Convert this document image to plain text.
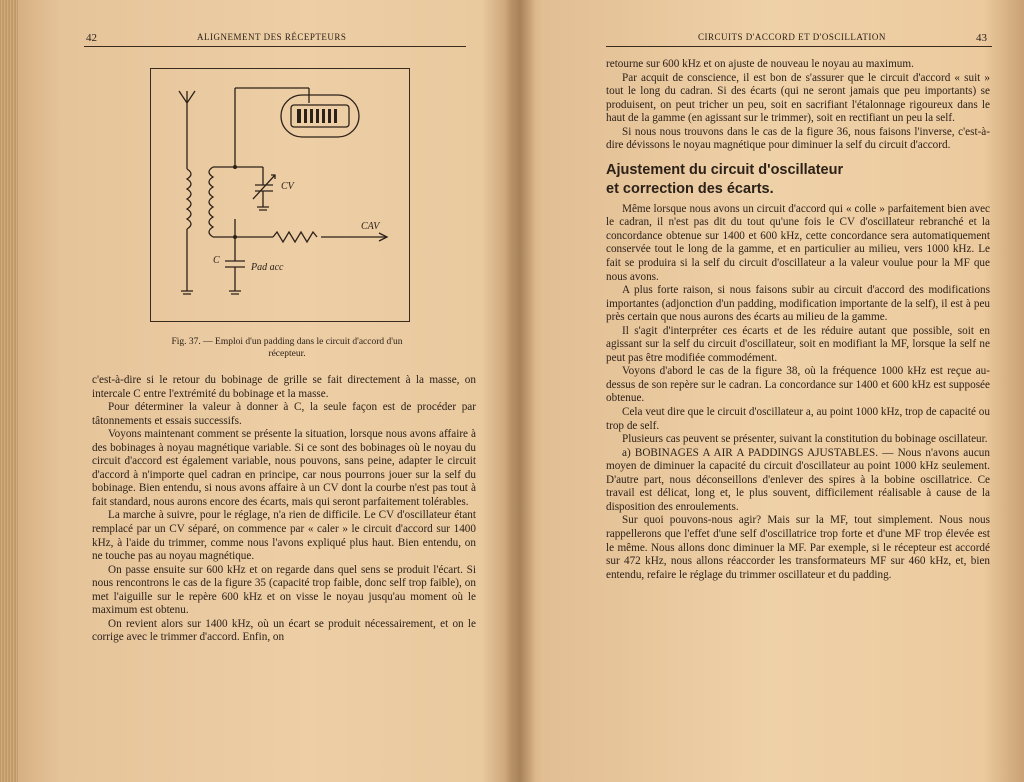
42	ALIGNEMENT DES RÉCEPTEURS
CV
CAV
C
Pad acc
Fig. 37. — Emploi d'un padding dans le circuit d'accord d'un récepteur.

c'est-à-dire si le retour du bobinage de grille se fait directement à la masse, on intercale C entre l'extrémité du bobinage et la masse.

Pour déterminer la valeur à donner à C, la seule façon est de procéder par tâtonnements et essais successifs.

Voyons maintenant comment se présente la situation, lorsque nous avons affaire à des bobinages à noyau magnétique variable. Si ce sont des bobinages où le noyau du circuit d'accord est également variable, nous pouvons, sans peine, adapter le circuit d'accord à n'importe quel cadran en principe, car nous pourrons jouer sur la self du bobinage. Bien entendu, si nous avons affaire à un CV dont la courbe n'est pas tout à fait standard, nous aurons encore des écarts, mais qui seront parfaitement tolérables.

La marche à suivre, pour le réglage, n'a rien de difficile. Le CV d'oscillateur étant remplacé par un CV séparé, on commence par « caler » le circuit d'accord sur 1400 kHz, à l'aide du trimmer, comme nous l'avons expliqué plus haut. Bien entendu, on ne touche pas au noyau magnétique.

On passe ensuite sur 600 kHz et on regarde dans quel sens se produit l'écart. Si nous rencontrons le cas de la figure 35 (capacité trop faible, donc self trop faible), on met l'aiguille sur le repère 600 kHz et on visse le noyau jusqu'au moment où le maximum est obtenu.

On revient alors sur 1400 kHz, où un écart se produit nécessairement, et on le corrige avec le trimmer d'accord. Enfin, on

CIRCUITS D'ACCORD ET D'OSCILLATION	43

retourne sur 600 kHz et on ajuste de nouveau le noyau au maximum.

Par acquit de conscience, il est bon de s'assurer que le circuit d'accord « suit » tout le long du cadran. Si des écarts (qui ne seront jamais que peu importants) se produisent, on peut tricher un peu, soit en sacrifiant l'étalonnage rigoureux dans le haut de la gamme (en agissant sur le trimmer), soit en rectifiant un peu la self.

Si nous nous trouvons dans le cas de la figure 36, nous faisons l'inverse, c'est-à-dire dévissons le noyau magnétique pour diminuer la self du circuit d'accord.

Ajustement du circuit d'oscillateur
et correction des écarts.

Même lorsque nous avons un circuit d'accord qui « colle » parfaitement bien avec le cadran, il n'est pas dit du tout qu'une fois le CV d'oscillateur rebranché et la concordance obtenue sur 1400 et 600 kHz, cette concordance sera automatiquement conservée tout le long de la gamme, et en particulier au milieu, vers 1000 kHz. Le fait se produira si la self du circuit d'oscillateur a la valeur voulue pour la MF que nous avons.

A plus forte raison, si nous faisons subir au circuit d'accord des modifications importantes (adjonction d'un padding, modification importante de la self), il est à peu près certain que nous aurons des écarts au milieu de la gamme.

Il s'agit d'interpréter ces écarts et de les réduire autant que possible, soit en agissant sur la self du circuit d'oscillateur, soit en modifiant la MF, lorsque la self ne peut pas être modifiée commodément.

Voyons d'abord le cas de la figure 38, où la fréquence 1000 kHz est reçue au-dessus de son repère sur le cadran. La concordance sur 1400 et 600 kHz est supposée obtenue.

Cela veut dire que le circuit d'oscillateur a, au point 1000 kHz, trop de capacité ou trop de self.

Plusieurs cas peuvent se présenter, suivant la constitution du bobinage oscillateur.

a) BOBINAGES A AIR A PADDINGS AJUSTABLES. — Nous n'avons aucun moyen de diminuer la capacité du circuit d'oscillateur au point 1000 kHz seulement. D'autre part, nous déconseillons d'enlever des spires à la bobine oscillatrice. Ce travail est délicat, long et, le plus souvent, difficilement réalisable à cause de la disposition des enroulements.

Sur quoi pouvons-nous agir? Mais sur la MF, tout simplement. Nous nous rappellerons que l'effet d'une self d'oscillatrice trop forte et d'une MF trop élevée est le même. Nous allons donc diminuer la MF. Par exemple, si le récepteur est accordé sur 472 kHz, nous allons réaccorder les transformateurs MF sur 460 kHz, et, bien entendu, refaire le réglage du trimmer oscillateur et du padding.
